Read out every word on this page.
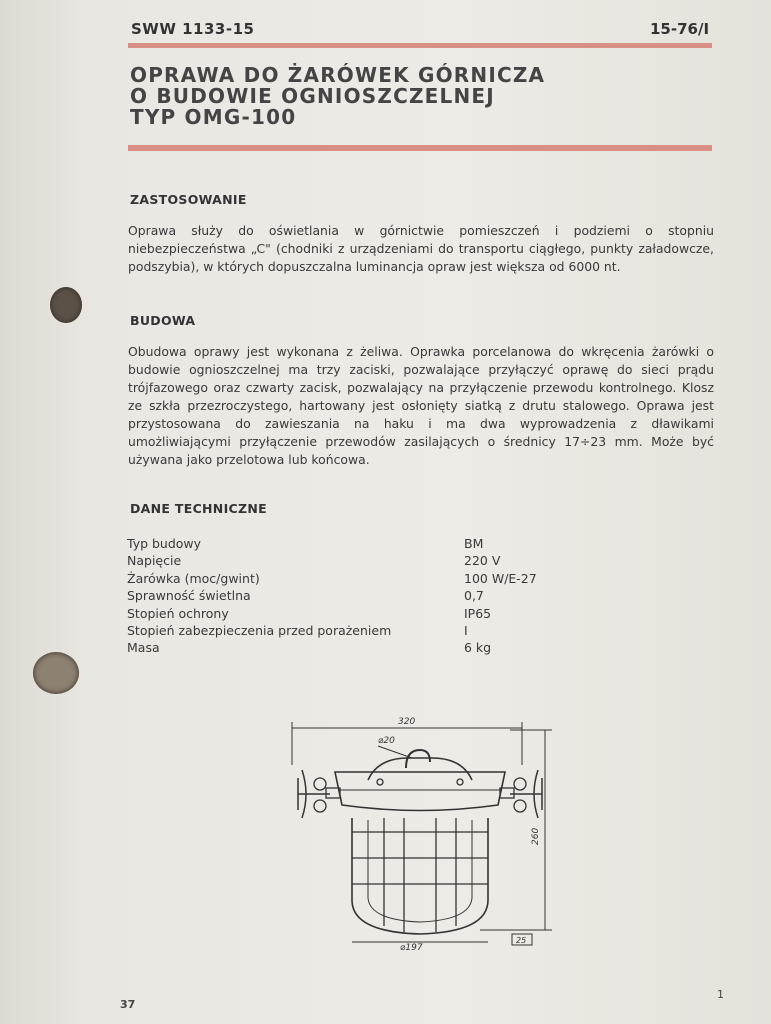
SWW 1133-15	15-76/I
OPRAWA DO ŻARÓWEK GÓRNICZA
O BUDOWIE OGNIOSZCZELNEJ
TYP OMG-100
ZASTOSOWANIE

Oprawa służy do oświetlania w górnictwie pomieszczeń i podziemi o stopniu niebezpieczeństwa „C" (chodniki z urządzeniami do transportu ciągłego, punkty załadowcze, podszybia), w których dopuszczalna luminancja opraw jest większa od 6000 nt.

BUDOWA

Obudowa oprawy jest wykonana z żeliwa. Oprawka porcelanowa do wkręcenia żarówki o budowie ognioszczelnej ma trzy zaciski, pozwalające przyłączyć oprawę do sieci prądu trójfazowego oraz czwarty zacisk, pozwalający na przyłączenie przewodu kontrolnego. Klosz ze szkła przezroczystego, hartowany jest osłonięty siatką z drutu stalowego. Oprawa jest przystosowana do zawieszania na haku i ma dwa wyprowadzenia z dławikami umożliwiającymi przyłączenie przewodów zasilających o średnicy 17÷23 mm. Może być używana jako przelotowa lub końcowa.

DANE TECHNICZNE
Typ budowy	BM
Napięcie	220 V
Żarówka (moc/gwint)	100 W/E-27
Sprawność świetlna	0,7
Stopień ochrony	IP65
Stopień zabezpieczenia przed porażeniem	I
Masa	6 kg
320
260
⌀20
⌀197
25
37
1
